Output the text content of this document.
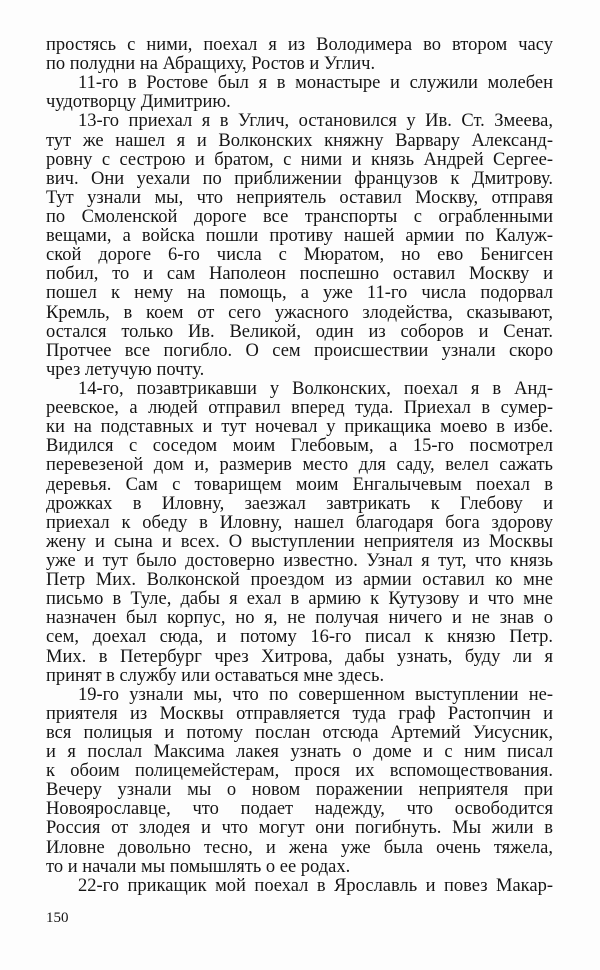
простясь с ними, поехал я из Володимера во втором часу
по полудни на Абращиху, Ростов и Углич.
11-го в Ростове был я в монастыре и служили молебен
чудотворцу Димитрию.
13-го приехал я в Углич, остановился у Ив. Ст. Змеева,
тут же нашел я и Волконских княжну Варвару Александ-
ровну с сестрою и братом, с ними и князь Андрей Сергее-
вич. Они уехали по приближении французов к Дмитрову.
Тут узнали мы, что неприятель оставил Москву, отправя
по Смоленской дороге все транспорты с ограбленными
вещами, а войска пошли противу нашей армии по Калуж-
ской дороге 6-го числа с Мюратом, но ево Бенигсен
побил, то и сам Наполеон поспешно оставил Москву и
пошел к нему на помощь, а уже 11-го числа подорвал
Кремль, в коем от сего ужасного злодейства, сказывают,
остался только Ив. Великой, один из соборов и Сенат.
Протчее все погибло. О сем происшествии узнали скоро
чрез летучую почту.
14-го, позавтрикавши у Волконских, поехал я в Анд-
реевское, а людей отправил вперед туда. Приехал в сумер-
ки на подставных и тут ночевал у прикащика моево в избе.
Видился с соседом моим Глебовым, а 15-го посмотрел
перевезеной дом и, размерив место для саду, велел сажать
деревья. Сам с товарищем моим Енгалычевым поехал в
дрожках в Иловну, заезжал завтрикать к Глебову и
приехал к обеду в Иловну, нашел благодаря бога здорову
жену и сына и всех. О выступлении неприятеля из Москвы
уже и тут было достоверно известно. Узнал я тут, что князь
Петр Мих. Волконской проездом из армии оставил ко мне
письмо в Туле, дабы я ехал в армию к Кутузову и что мне
назначен был корпус, но я, не получая ничего и не знав о
сем, доехал сюда, и потому 16-го писал к князю Петр.
Мих. в Петербург чрез Хитрова, дабы узнать, буду ли я
принят в службу или оставаться мне здесь.
19-го узнали мы, что по совершенном выступлении не-
приятеля из Москвы отправляется туда граф Растопчин и
вся полицыя и потому послан отсюда Артемий Уисусник,
и я послал Максима лакея узнать о доме и с ним писал
к обоим полицемейстерам, прося их вспомоществования.
Вечеру узнали мы о новом поражении неприятеля при
Новоярославце, что подает надежду, что освободится
Россия от злодея и что могут они погибнуть. Мы жили в
Иловне довольно тесно, и жена уже была очень тяжела,
то и начали мы помышлять о ее родах.
22-го прикащик мой поехал в Ярославль и повез Макар-
150
